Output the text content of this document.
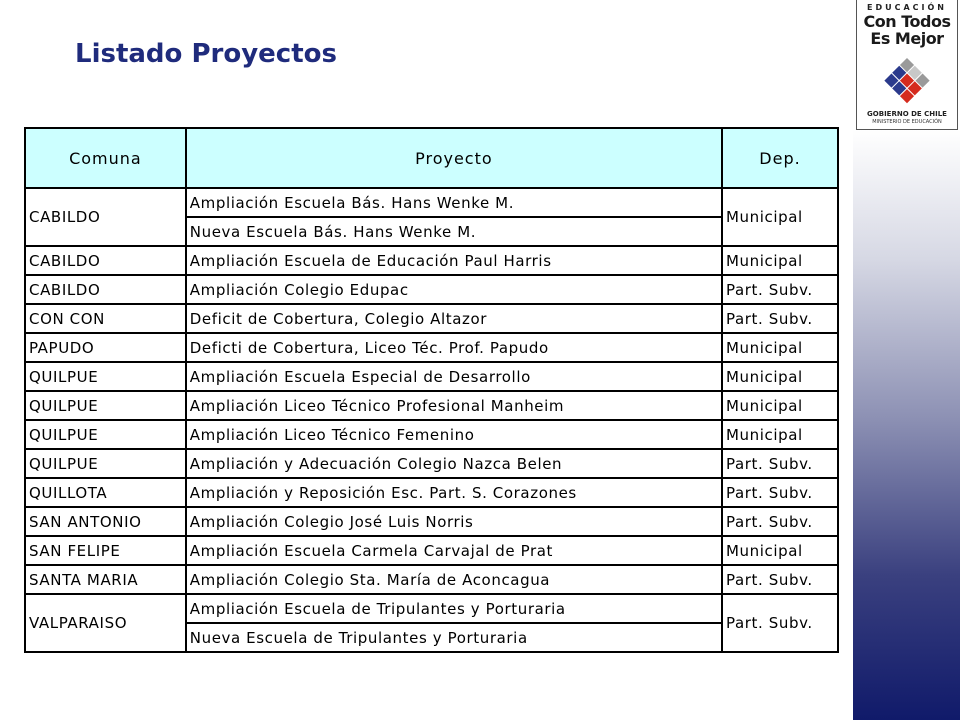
EDUCACIÓN
Con Todos
Es Mejor
GOBIERNO DE CHILE
MINISTERIO DE EDUCACIÓN
Listado Proyectos
Comuna	Proyecto	Dep.
CABILDO	Ampliación Escuela Bás. Hans Wenke M.	Municipal
	Nueva Escuela Bás. Hans Wenke M.	
CABILDO	Ampliación Escuela de Educación Paul Harris	Municipal
CABILDO	Ampliación Colegio Edupac	Part. Subv.
CON CON	Deficit de Cobertura, Colegio Altazor	Part. Subv.
PAPUDO	Deficti de Cobertura, Liceo Téc. Prof. Papudo	Municipal
QUILPUE	Ampliación Escuela Especial de Desarrollo	Municipal
QUILPUE	Ampliación Liceo Técnico Profesional Manheim	Municipal
QUILPUE	Ampliación Liceo Técnico Femenino	Municipal
QUILPUE	Ampliación y Adecuación Colegio Nazca Belen	Part. Subv.
QUILLOTA	Ampliación y Reposición Esc. Part. S. Corazones	Part. Subv.
SAN ANTONIO	Ampliación Colegio José Luis Norris	Part. Subv.
SAN FELIPE	Ampliación Escuela Carmela Carvajal de Prat	Municipal
SANTA MARIA	Ampliación Colegio Sta. María de Aconcagua	Part. Subv.
VALPARAISO	Ampliación Escuela de Tripulantes y Porturaria	Part. Subv.
	Nueva Escuela de Tripulantes y Porturaria	
